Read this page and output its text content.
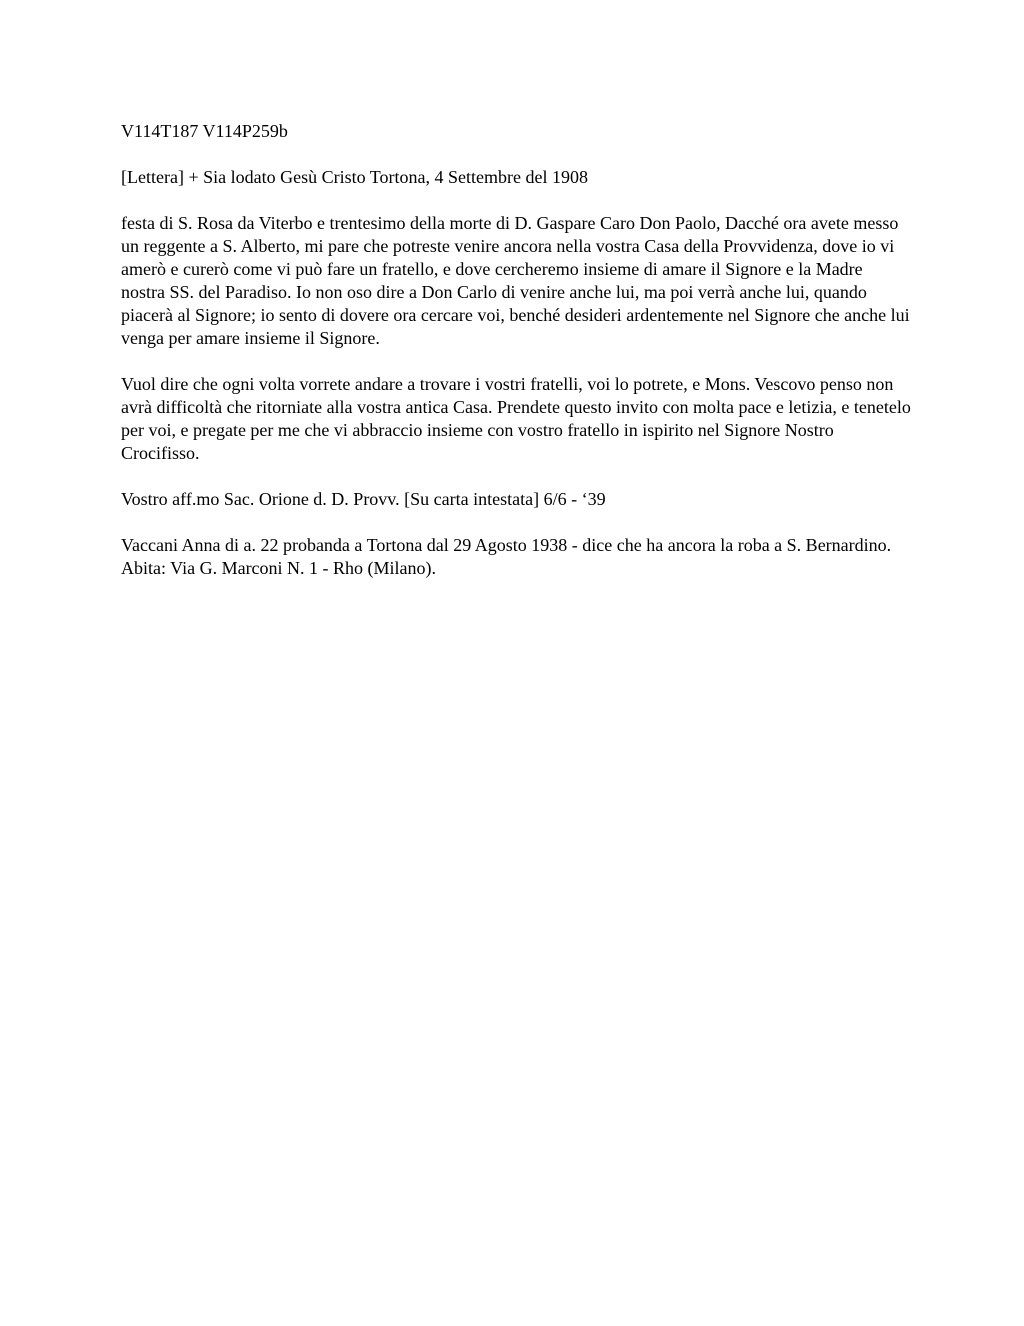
V114T187 V114P259b

[Lettera] + Sia lodato Gesù Cristo Tortona, 4 Settembre del 1908

festa di S. Rosa da Viterbo e trentesimo della morte di D. Gaspare Caro Don Paolo, Dacché ora avete messo un reggente a S. Alberto, mi pare che potreste venire ancora nella vostra Casa della Provvidenza, dove io vi amerò e curerò come vi può fare un fratello, e dove cercheremo insieme di amare il Signore e la Madre nostra SS. del Paradiso. Io non oso dire a Don Carlo di venire anche lui, ma poi verrà anche lui, quando piacerà al Signore; io sento di dovere ora cercare voi, benché desideri ardentemente nel Signore che anche lui venga per amare insieme il Signore.

Vuol dire che ogni volta vorrete andare a trovare i vostri fratelli, voi lo potrete, e Mons. Vescovo penso non avrà difficoltà che ritorniate alla vostra antica Casa. Prendete questo invito con molta pace e letizia, e tenetelo per voi, e pregate per me che vi abbraccio insieme con vostro fratello in ispirito nel Signore Nostro Crocifisso.

Vostro aff.mo Sac. Orione d. D. Provv. [Su carta intestata] 6/6 - ‘39

Vaccani Anna di a. 22 probanda a Tortona dal 29 Agosto 1938 - dice che ha ancora la roba a S. Bernardino. Abita: Via G. Marconi N. 1 - Rho (Milano).
